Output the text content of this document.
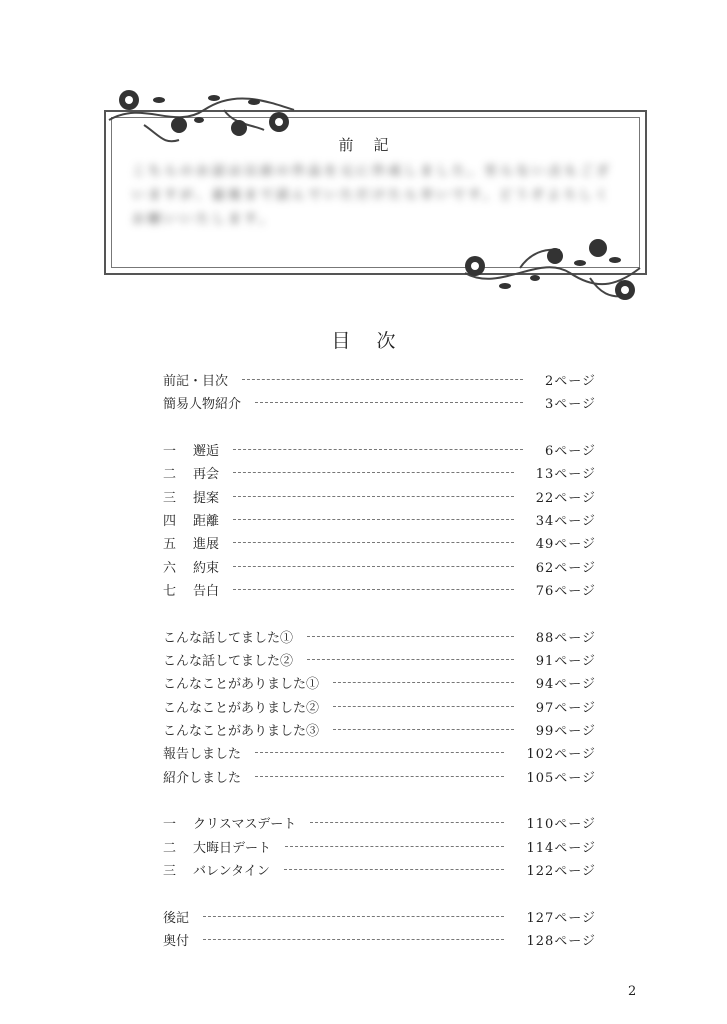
前記
こちらのお話は以前の作品を元に作成しました。至らない点もございますが、最後まで読んでいただけたら幸いです。どうぞよろしくお願いいたします。
目次
前記・目次	2ページ
簡易人物紹介	3ページ
一 邂逅	6ページ
二 再会	13ページ
三 提案	22ページ
四 距離	34ページ
五 進展	49ページ
六 約束	62ページ
七 告白	76ページ
こんな話してました①	88ページ
こんな話してました②	91ページ
こんなことがありました①	94ページ
こんなことがありました②	97ページ
こんなことがありました③	99ページ
報告しました	102ページ
紹介しました	105ページ
一 クリスマスデート	110ページ
二 大晦日デート	114ページ
三 バレンタイン	122ページ
後記	127ページ
奥付	128ページ
2
